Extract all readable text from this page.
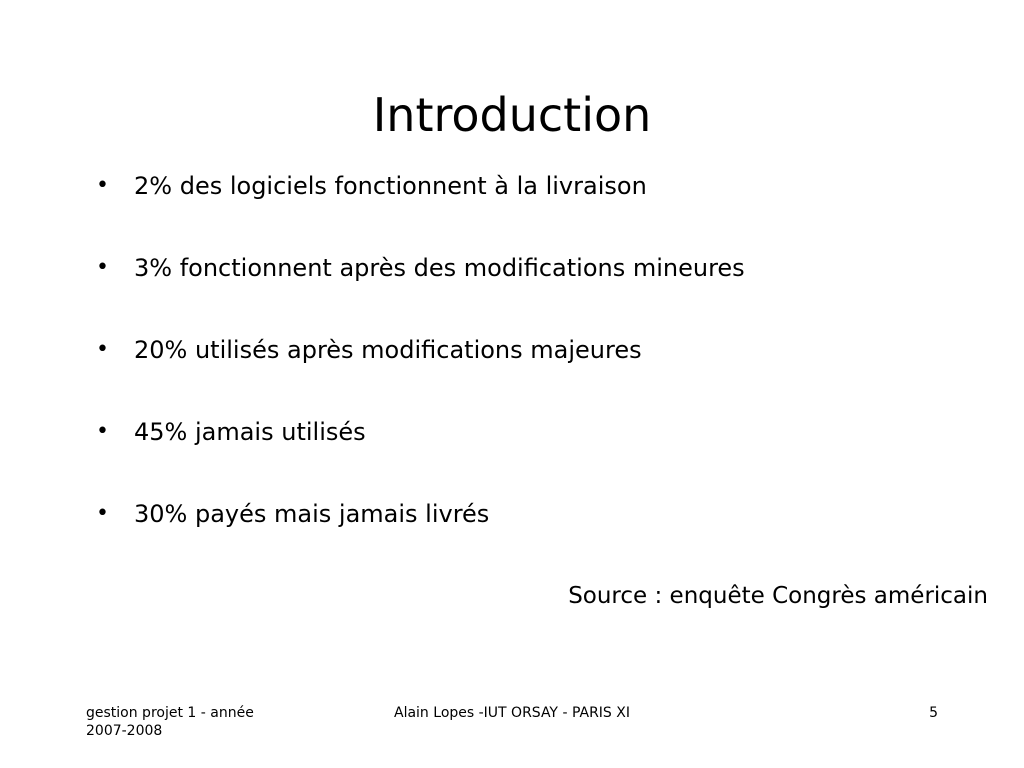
Introduction
•	2% des logiciels fonctionnent à la livraison
•	3% fonctionnent après des modifications mineures
•	20% utilisés après modifications majeures
•	45% jamais utilisés
•	30% payés mais jamais livrés
Source : enquête Congrès américain
gestion projet 1 - année
2007-2008
Alain Lopes -IUT ORSAY - PARIS XI	5
